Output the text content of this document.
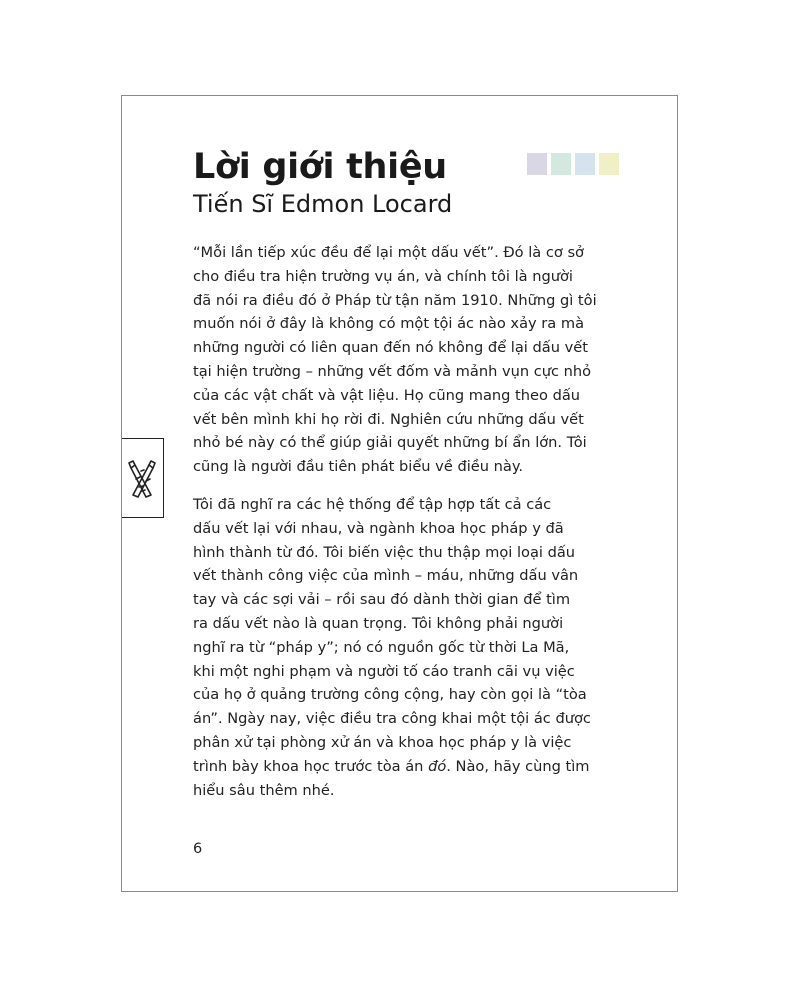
Lời giới thiệu
Tiến Sĩ Edmon Locard
“Mỗi lần tiếp xúc đều để lại một dấu vết”. Đó là cơ sở
cho điều tra hiện trường vụ án, và chính tôi là người
đã nói ra điều đó ở Pháp từ tận năm 1910. Những gì tôi
muốn nói ở đây là không có một tội ác nào xảy ra mà
những người có liên quan đến nó không để lại dấu vết
tại hiện trường – những vết đốm và mảnh vụn cực nhỏ
của các vật chất và vật liệu. Họ cũng mang theo dấu
vết bên mình khi họ rời đi. Nghiên cứu những dấu vết
nhỏ bé này có thể giúp giải quyết những bí ẩn lớn. Tôi
cũng là người đầu tiên phát biểu về điều này.
Tôi đã nghĩ ra các hệ thống để tập hợp tất cả các
dấu vết lại với nhau, và ngành khoa học pháp y đã
hình thành từ đó. Tôi biến việc thu thập mọi loại dấu
vết thành công việc của mình – máu, những dấu vân
tay và các sợi vải – rồi sau đó dành thời gian để tìm
ra dấu vết nào là quan trọng. Tôi không phải người
nghĩ ra từ “pháp y”; nó có nguồn gốc từ thời La Mã,
khi một nghi phạm và người tố cáo tranh cãi vụ việc
của họ ở quảng trường công cộng, hay còn gọi là “tòa
án”. Ngày nay, việc điều tra công khai một tội ác được
phân xử tại phòng xử án và khoa học pháp y là việc
trình bày khoa học trước tòa án đó. Nào, hãy cùng tìm
hiểu sâu thêm nhé.
6
